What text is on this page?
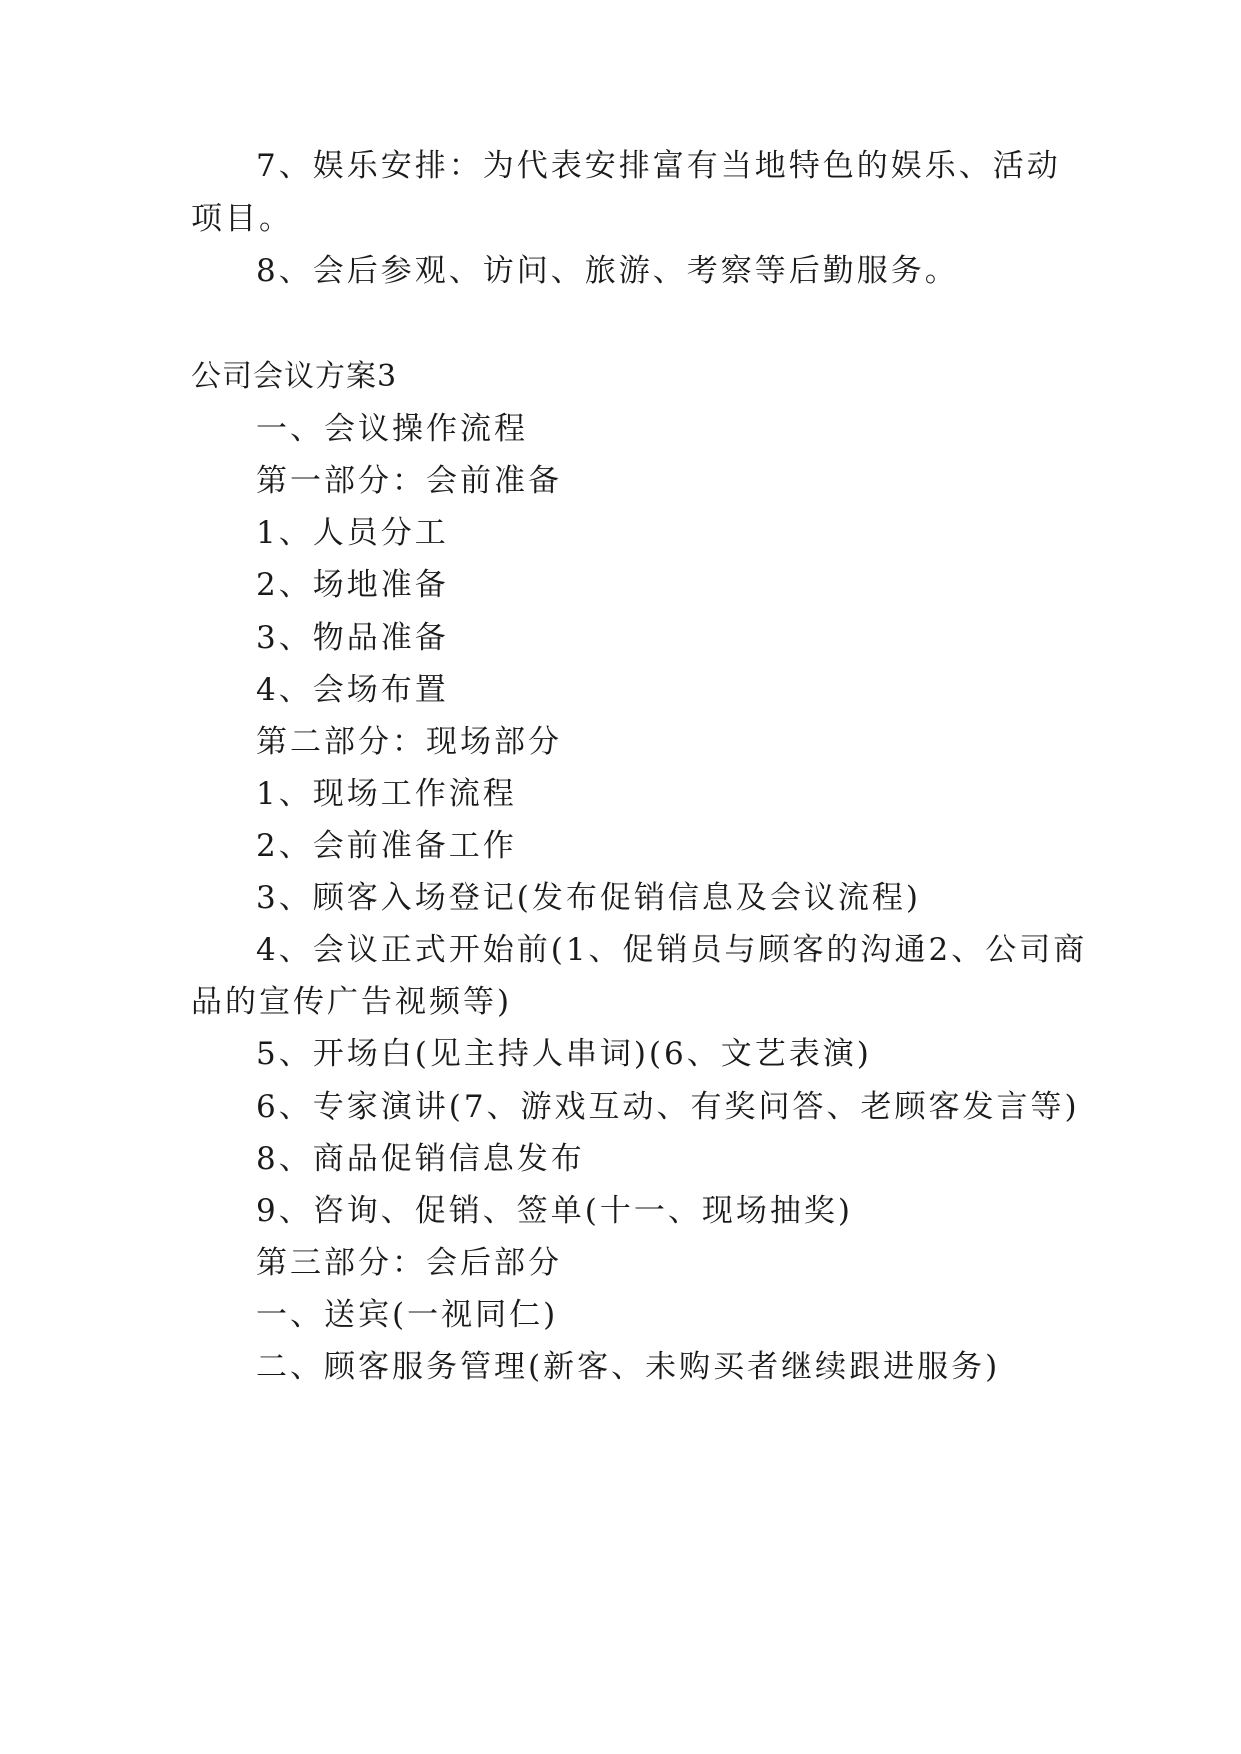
7、娱乐安排：为代表安排富有当地特色的娱乐、活动
项目。
8、会后参观、访问、旅游、考察等后勤服务。
公司会议方案3
一、会议操作流程
第一部分：会前准备
1、人员分工
2、场地准备
3、物品准备
4、会场布置
第二部分：现场部分
1、现场工作流程
2、会前准备工作
3、顾客入场登记(发布促销信息及会议流程)
4、会议正式开始前(1、促销员与顾客的沟通2、公司商
品的宣传广告视频等)
5、开场白(见主持人串词)(6、文艺表演)
6、专家演讲(7、游戏互动、有奖问答、老顾客发言等)
8、商品促销信息发布
9、咨询、促销、签单(十一、现场抽奖)
第三部分：会后部分
一、送宾(一视同仁)
二、顾客服务管理(新客、未购买者继续跟进服务)
